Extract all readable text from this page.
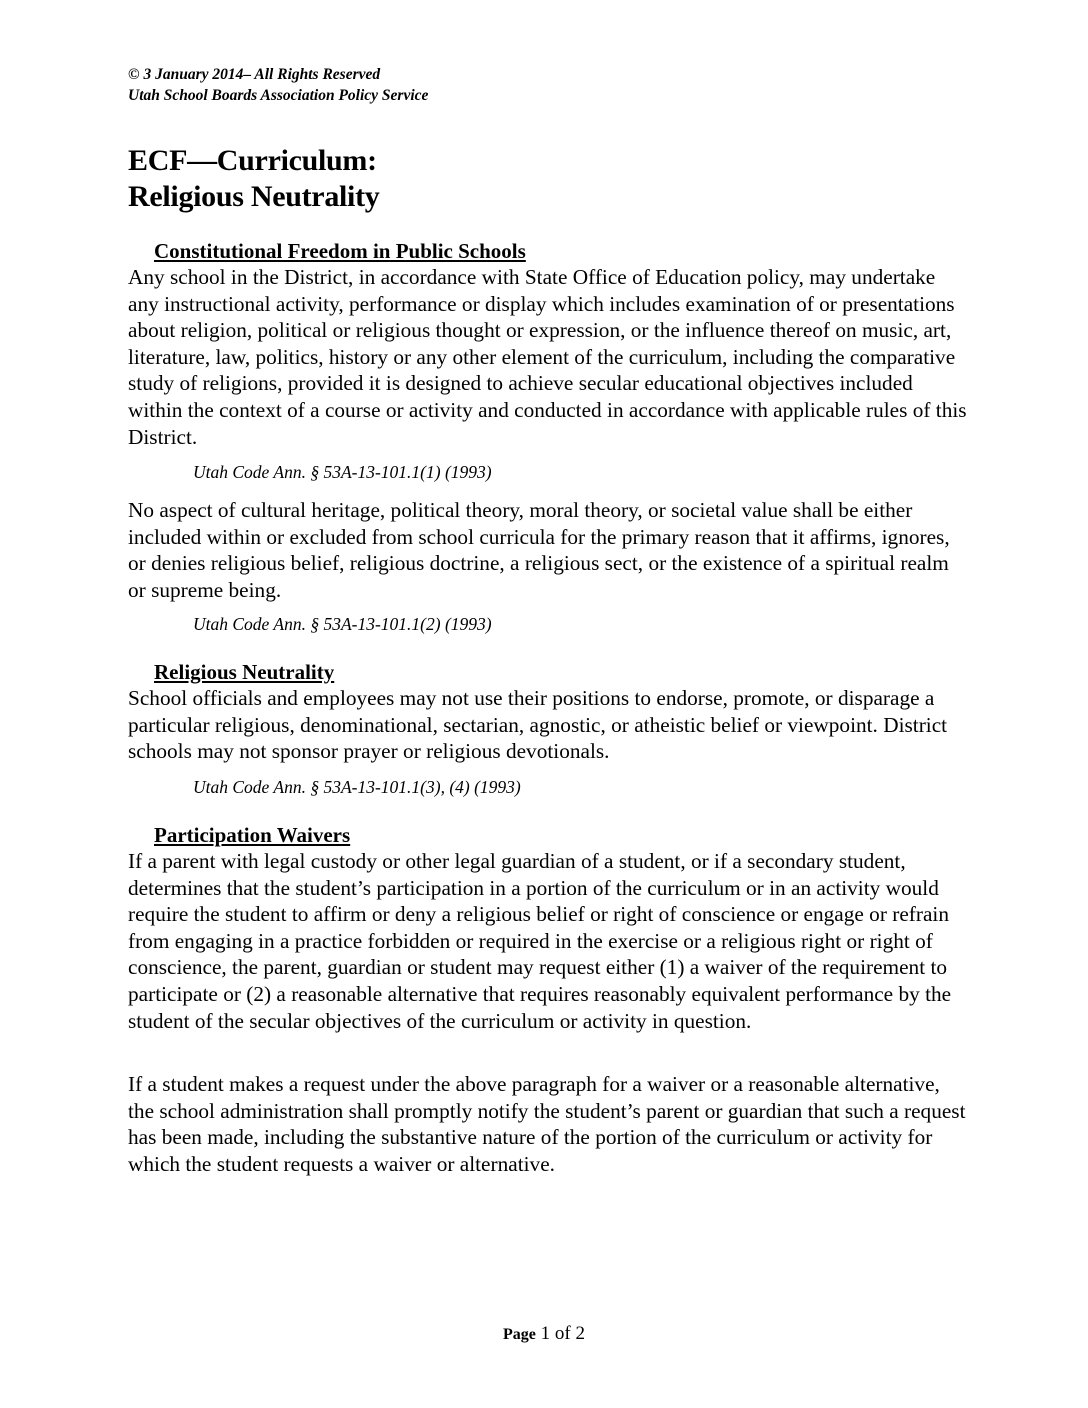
© 3 January 2014– All Rights Reserved
Utah School Boards Association Policy Service
ECF—Curriculum:
Religious Neutrality
Constitutional Freedom in Public Schools

Any school in the District, in accordance with State Office of Education policy, may undertake any instructional activity, performance or display which includes examination of or presentations about religion, political or religious thought or expression, or the influence thereof on music, art, literature, law, politics, history or any other element of the curriculum, including the comparative study of religions, provided it is designed to achieve secular educational objectives included within the context of a course or activity and conducted in accordance with applicable rules of this District.

Utah Code Ann. § 53A-13-101.1(1) (1993)

No aspect of cultural heritage, political theory, moral theory, or societal value shall be either included within or excluded from school curricula for the primary reason that it affirms, ignores, or denies religious belief, religious doctrine, a religious sect, or the existence of a spiritual realm or supreme being.

Utah Code Ann. § 53A-13-101.1(2) (1993)

Religious Neutrality

School officials and employees may not use their positions to endorse, promote, or disparage a particular religious, denominational, sectarian, agnostic, or atheistic belief or viewpoint. District schools may not sponsor prayer or religious devotionals.

Utah Code Ann. § 53A-13-101.1(3), (4) (1993)

Participation Waivers

If a parent with legal custody or other legal guardian of a student, or if a secondary student, determines that the student’s participation in a portion of the curriculum or in an activity would require the student to affirm or deny a religious belief or right of conscience or engage or refrain from engaging in a practice forbidden or required in the exercise or a religious right or right of conscience, the parent, guardian or student may request either (1) a waiver of the requirement to participate or (2) a reasonable alternative that requires reasonably equivalent performance by the student of the secular objectives of the curriculum or activity in question.

If a student makes a request under the above paragraph for a waiver or a reasonable alternative, the school administration shall promptly notify the student’s parent or guardian that such a request has been made, including the substantive nature of the portion of the curriculum or activity for which the student requests a waiver or alternative.

Page 1 of 2
